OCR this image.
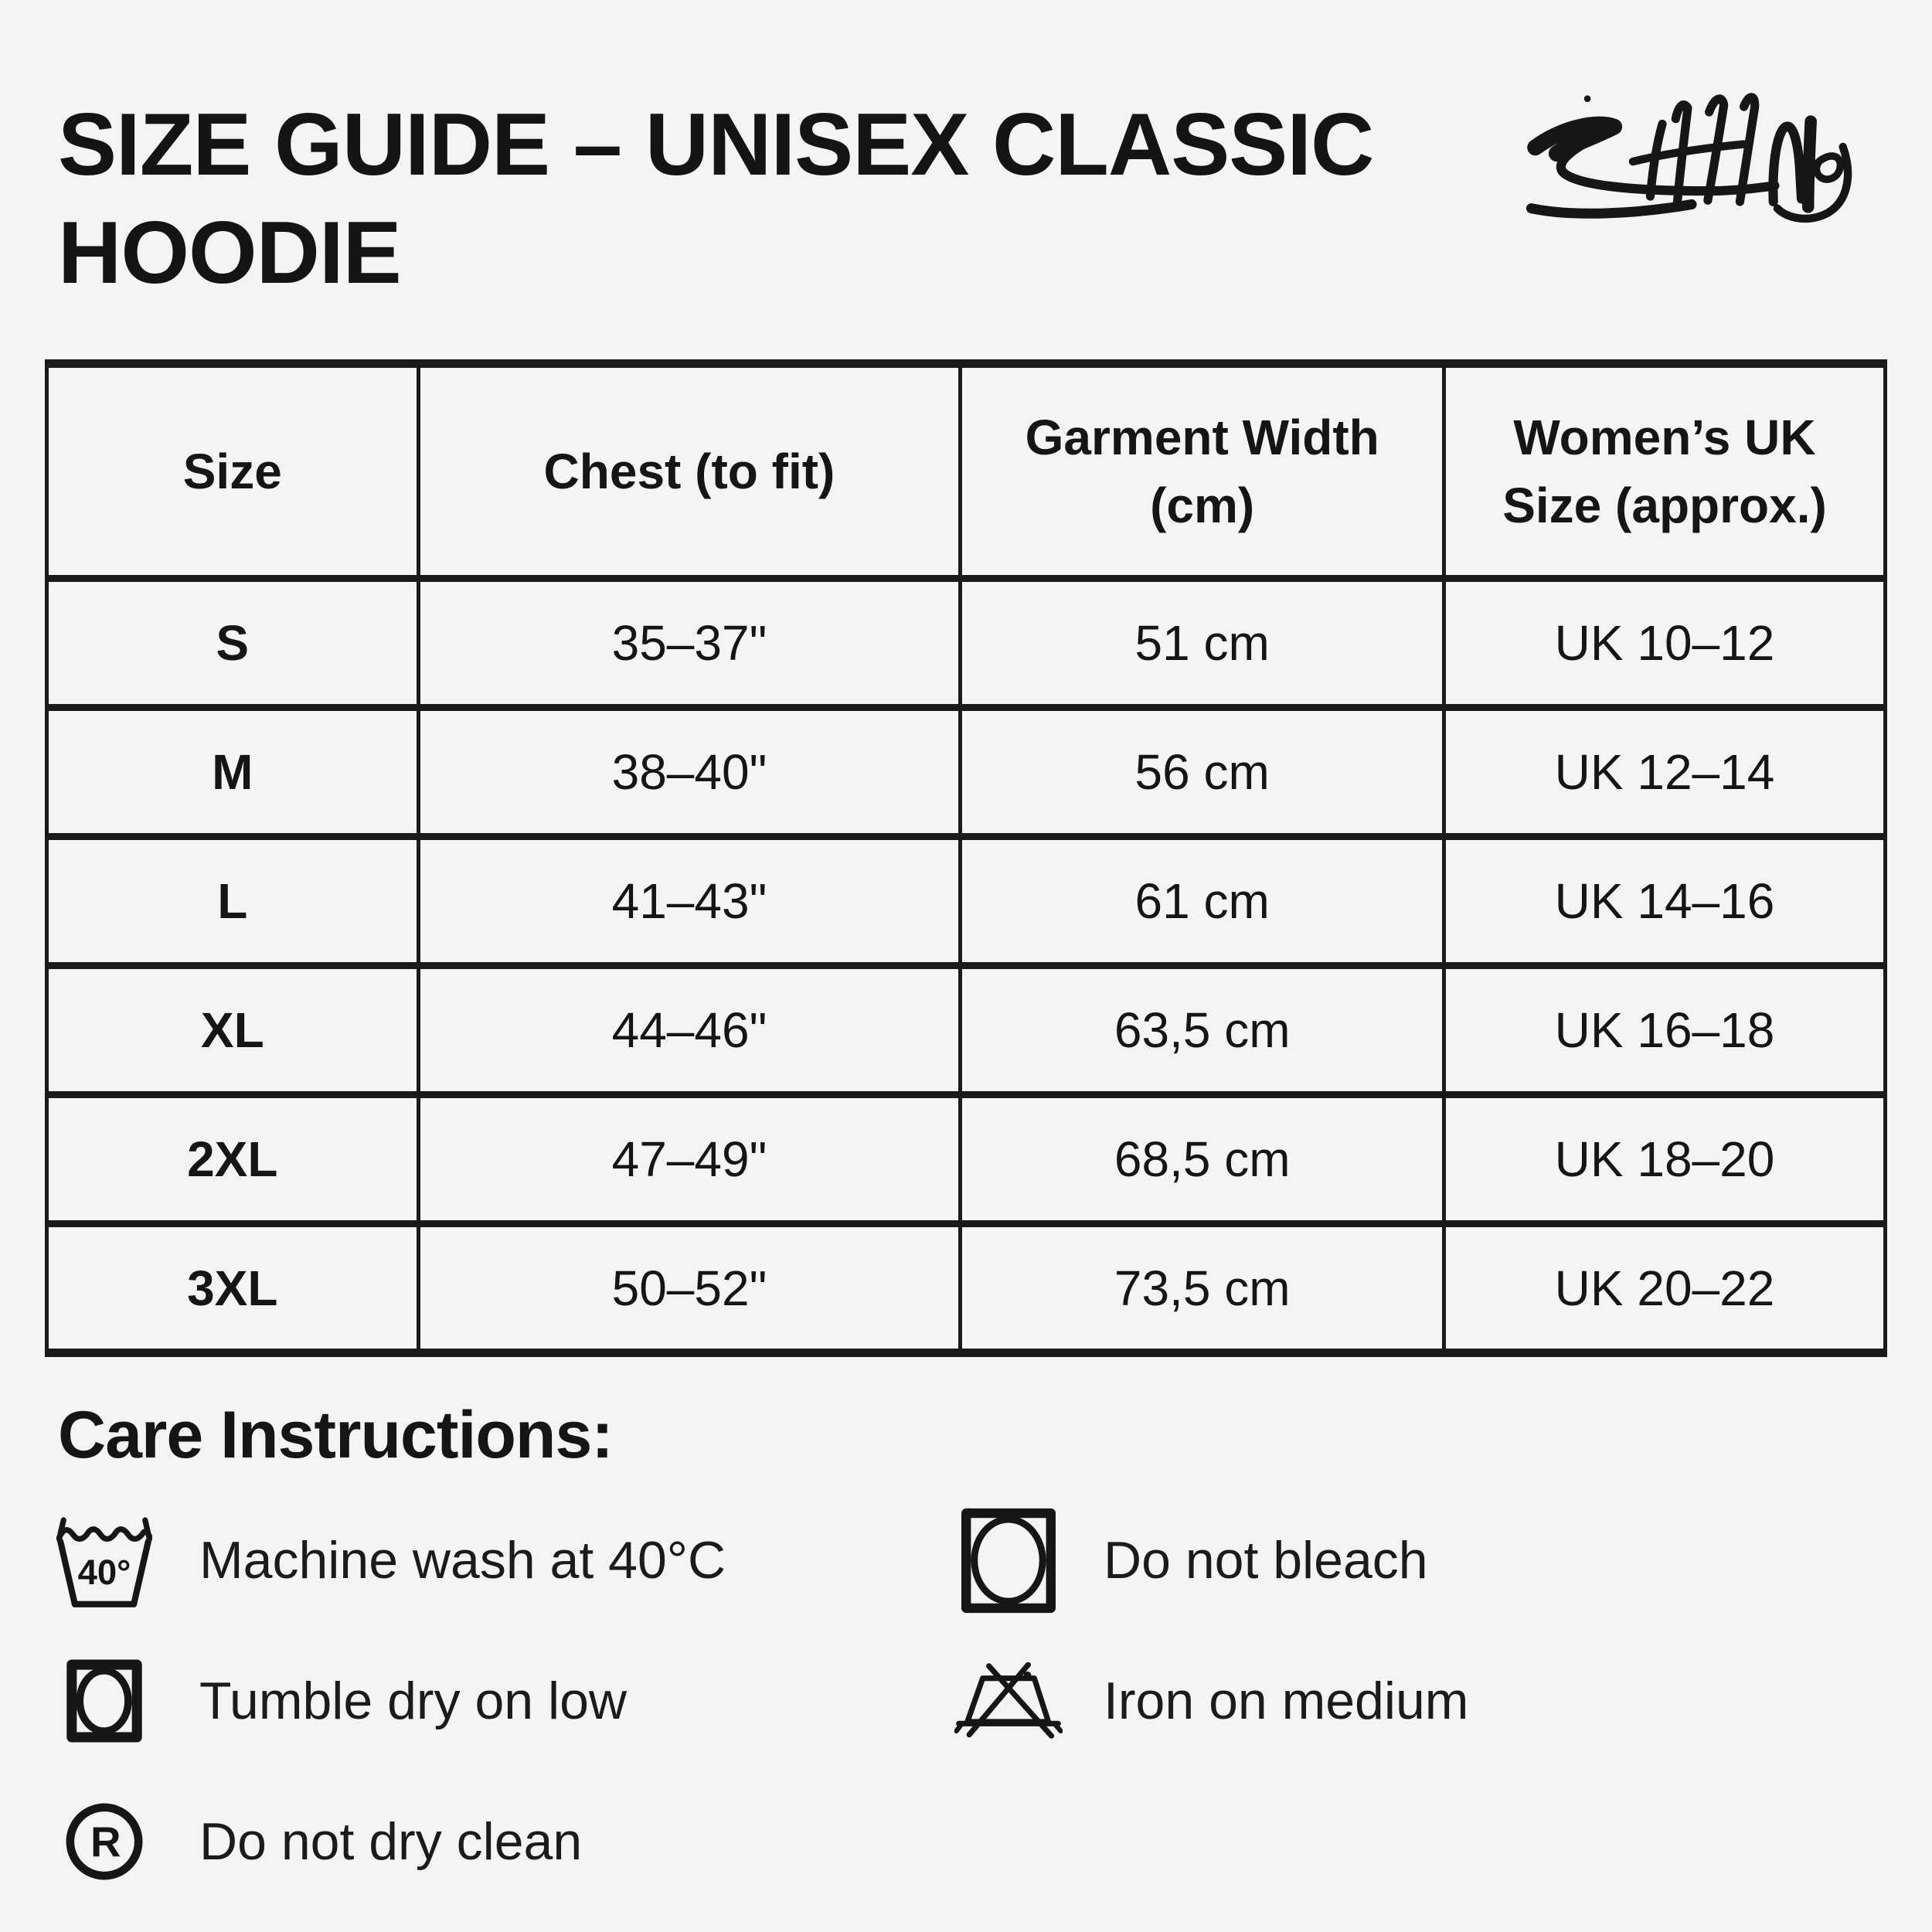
SIZE GUIDE – UNISEX CLASSIC HOODIE
Size	Chest (to fit)	Garment Width (cm)	Women’s UK Size (approx.)
S	35–37"	51 cm	UK 10–12
M	38–40"	56 cm	UK 12–14
L	41–43"	61 cm	UK 14–16
XL	44–46"	63,5 cm	UK 16–18
2XL	47–49"	68,5 cm	UK 18–20
3XL	50–52"	73,5 cm	UK 20–22
Care Instructions:
40° Machine wash at 40°C
Tumble dry on low
R Do not dry clean
Do not bleach
Iron on medium
